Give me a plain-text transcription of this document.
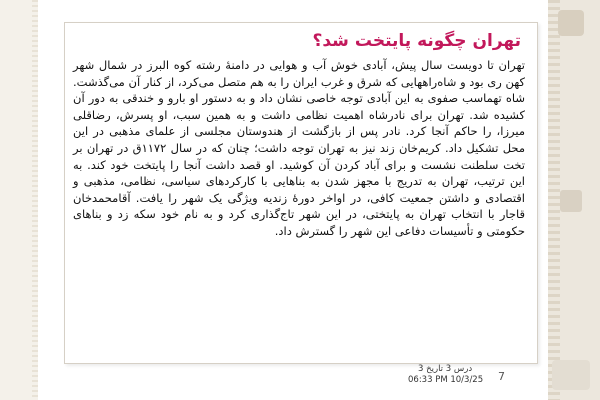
تهران چگونه پایتخت شد؟
تهران تا دویست سال پیش، آبادی خوش آب و هوایی در دامنهٔ رشته کوه البرز در شمال شهر کهن ری بود و شاه‌راههایی که شرق و غرب ایران را به هم متصل می‌کرد، از کنار آن می‌گذشت. شاه تهماسب صفوی به این آبادی توجه خاصی نشان داد و به دستور او بارو و خندقی به دور آن کشیده شد. تهران برای نادرشاه اهمیت نظامی داشت و به همین سبب، او پسرش، رضاقلی میرزا، را حاکم آنجا کرد. نادر پس از بازگشت از هندوستان مجلسی از علمای مذهبی در این محل تشکیل داد. کریم‌خان زند نیز به تهران توجه داشت؛ چنان که در سال ۱۱۷۲ق در تهران بر تخت سلطنت نشست و برای آباد کردن آن کوشید. او قصد داشت آنجا را پایتخت خود کند. به این ترتیب، تهران به تدریج با مجهز شدن به بناهایی با کارکردهای سیاسی، نظامی، مذهبی و اقتصادی و داشتن جمعیت کافی، در اواخر دورهٔ زندیه ویژگی یک شهر را یافت. آقامحمدخان قاجار با انتخاب تهران به پایتختی، در این شهر تاج‌گذاری کرد و به نام خود سکه زد و بناهای حکومتی و تأسیسات دفاعی این شهر را گسترش داد.
درس 3 تاریخ 3
06:33 PM 10/3/25 7
